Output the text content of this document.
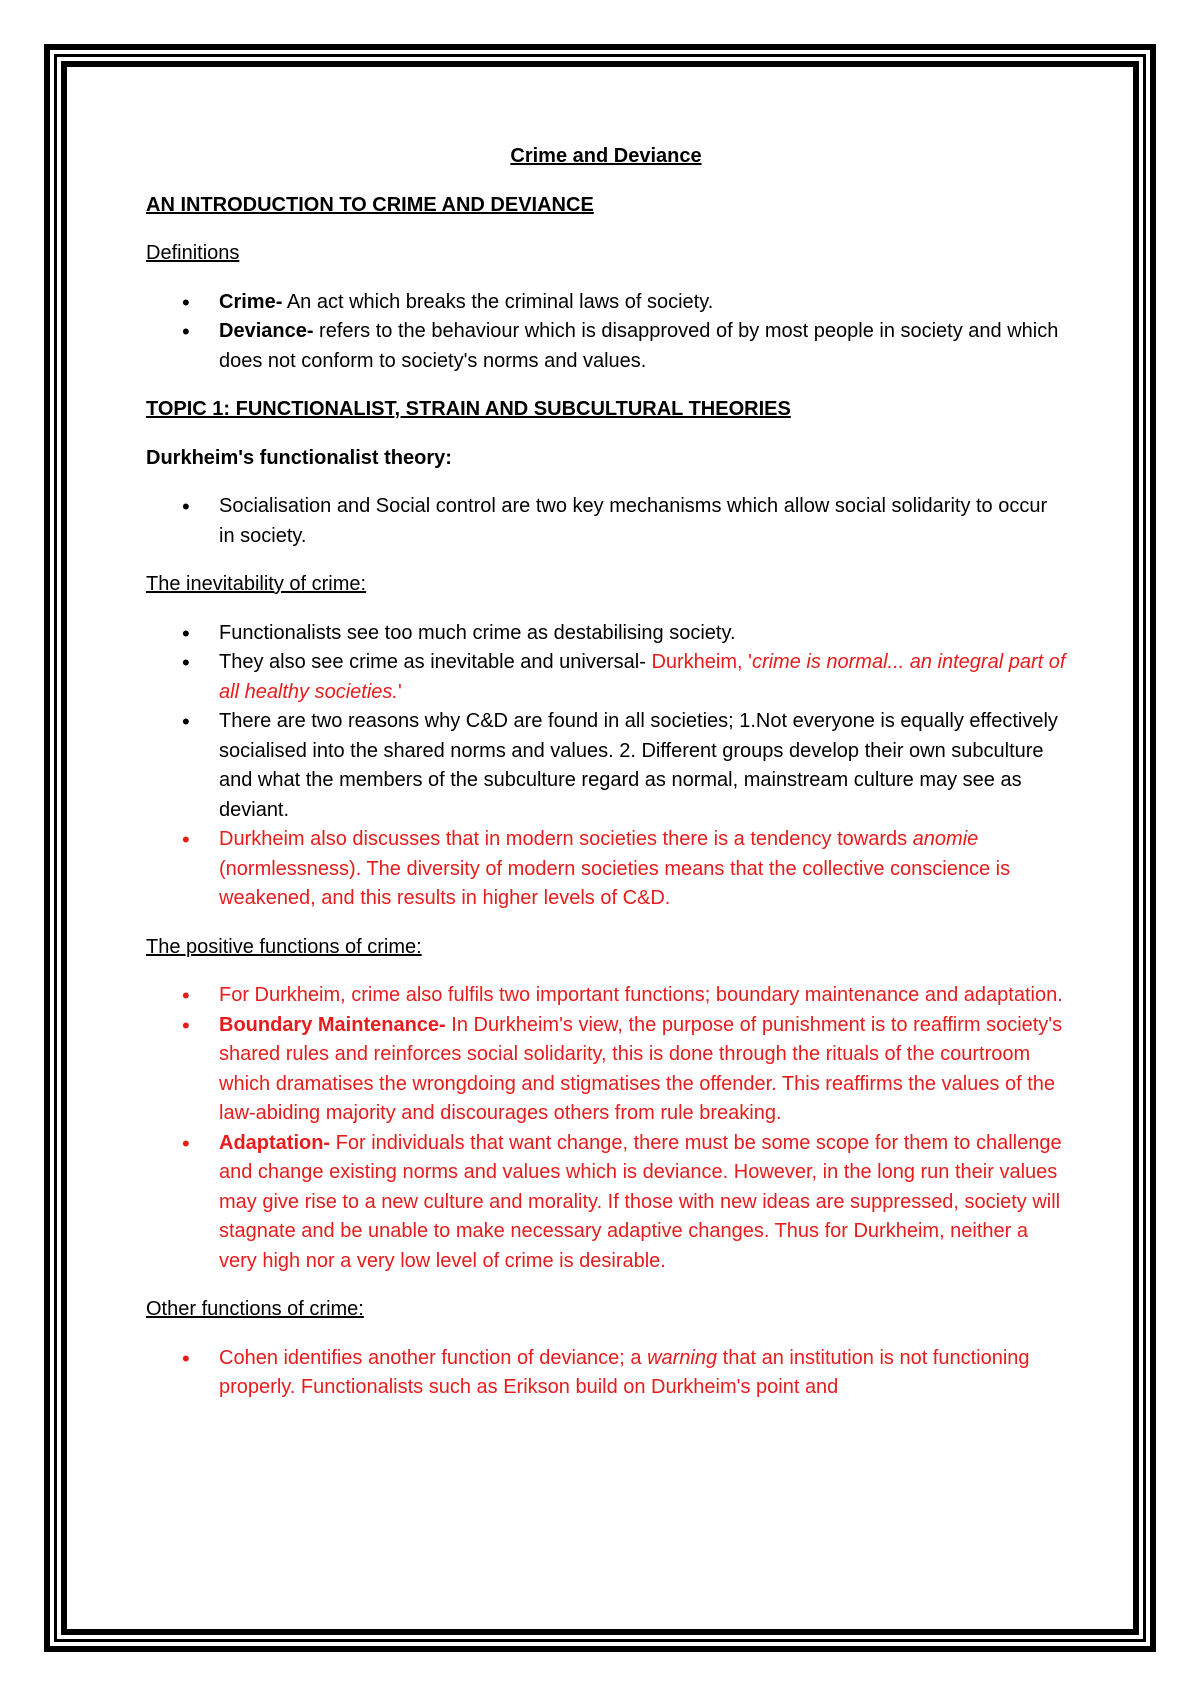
Crime and Deviance

AN INTRODUCTION TO CRIME AND DEVIANCE

Definitions

• Crime- An act which breaks the criminal laws of society.
• Deviance- refers to the behaviour which is disapproved of by most people in society and which does not conform to society's norms and values.

TOPIC 1: FUNCTIONALIST, STRAIN AND SUBCULTURAL THEORIES

Durkheim's functionalist theory:

• Socialisation and Social control are two key mechanisms which allow social solidarity to occur in society.

The inevitability of crime:

• Functionalists see too much crime as destabilising society.
• They also see crime as inevitable and universal- Durkheim, 'crime is normal... an integral part of all healthy societies.'
• There are two reasons why C&D are found in all societies; 1.Not everyone is equally effectively socialised into the shared norms and values. 2. Different groups develop their own subculture and what the members of the subculture regard as normal, mainstream culture may see as deviant.
• Durkheim also discusses that in modern societies there is a tendency towards anomie (normlessness). The diversity of modern societies means that the collective conscience is weakened, and this results in higher levels of C&D.

The positive functions of crime:

• For Durkheim, crime also fulfils two important functions; boundary maintenance and adaptation.
• Boundary Maintenance- In Durkheim's view, the purpose of punishment is to reaffirm society's shared rules and reinforces social solidarity, this is done through the rituals of the courtroom which dramatises the wrongdoing and stigmatises the offender. This reaffirms the values of the law-abiding majority and discourages others from rule breaking.
• Adaptation- For individuals that want change, there must be some scope for them to challenge and change existing norms and values which is deviance. However, in the long run their values may give rise to a new culture and morality. If those with new ideas are suppressed, society will stagnate and be unable to make necessary adaptive changes. Thus for Durkheim, neither a very high nor a very low level of crime is desirable.

Other functions of crime:

• Cohen identifies another function of deviance; a warning that an institution is not functioning properly. Functionalists such as Erikson build on Durkheim's point and
